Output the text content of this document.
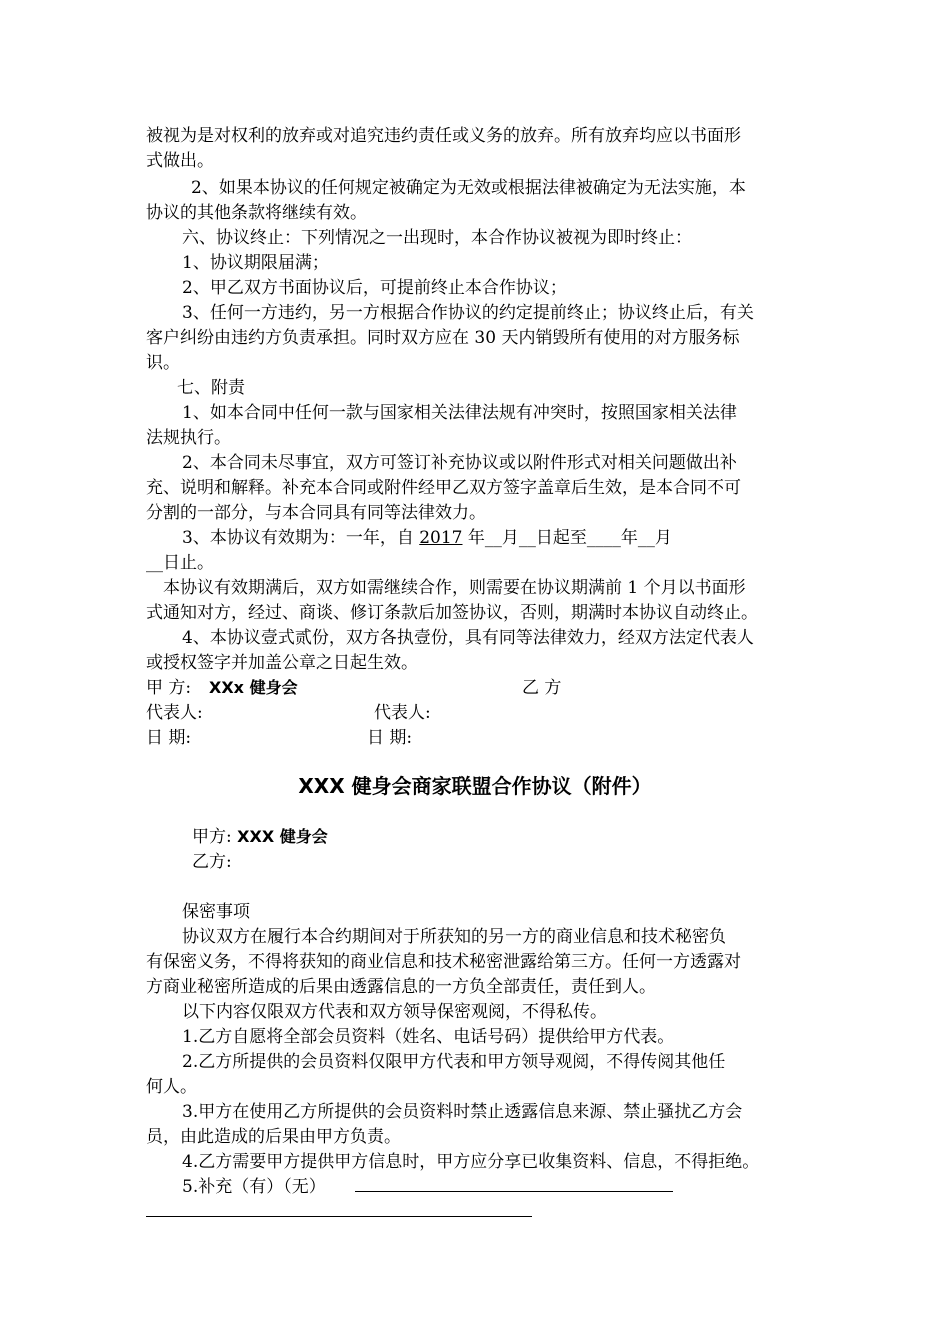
被视为是对权利的放弃或对追究违约责任或义务的放弃。所有放弃均应以书面形
式做出。
2、如果本协议的任何规定被确定为无效或根据法律被确定为无法实施，本
协议的其他条款将继续有效。
六、协议终止：下列情况之一出现时，本合作协议被视为即时终止：
1、协议期限届满；
2、甲乙双方书面协议后，可提前终止本合作协议；
3、任何一方违约，另一方根据合作协议的约定提前终止；协议终止后，有关
客户纠纷由违约方负责承担。同时双方应在 30 天内销毁所有使用的对方服务标
识。
七、附责
1、如本合同中任何一款与国家相关法律法规有冲突时，按照国家相关法律
法规执行。
2、本合同未尽事宜，双方可签订补充协议或以附件形式对相关问题做出补
充、说明和解释。补充本合同或附件经甲乙双方签字盖章后生效，是本合同不可
分割的一部分，与本合同具有同等法律效力。
3、本协议有效期为：一年，自 2017 年__月__日起至____年__月
__日止。
本协议有效期满后，双方如需继续合作，则需要在协议期满前 1 个月以书面形
式通知对方，经过、商谈、修订条款后加签协议，否则，期满时本协议自动终止。
4、本协议壹式贰份，双方各执壹份，具有同等法律效力，经双方法定代表人
或授权签字并加盖公章之日起生效。
甲 方: XXx 健身会	乙 方
代表人:	代表人:
日 期:	日 期:
XXX 健身会商家联盟合作协议（附件）
甲方: XXX 健身会
乙方:
保密事项
协议双方在履行本合约期间对于所获知的另一方的商业信息和技术秘密负
有保密义务，不得将获知的商业信息和技术秘密泄露给第三方。任何一方透露对
方商业秘密所造成的后果由透露信息的一方负全部责任，责任到人。
以下内容仅限双方代表和双方领导保密观阅，不得私传。
1.乙方自愿将全部会员资料（姓名、电话号码）提供给甲方代表。
2.乙方所提供的会员资料仅限甲方代表和甲方领导观阅，不得传阅其他任
何人。
3.甲方在使用乙方所提供的会员资料时禁止透露信息来源、禁止骚扰乙方会
员，由此造成的后果由甲方负责。
4.乙方需要甲方提供甲方信息时，甲方应分享已收集资料、信息，不得拒绝。
5.补充（有）（无）
